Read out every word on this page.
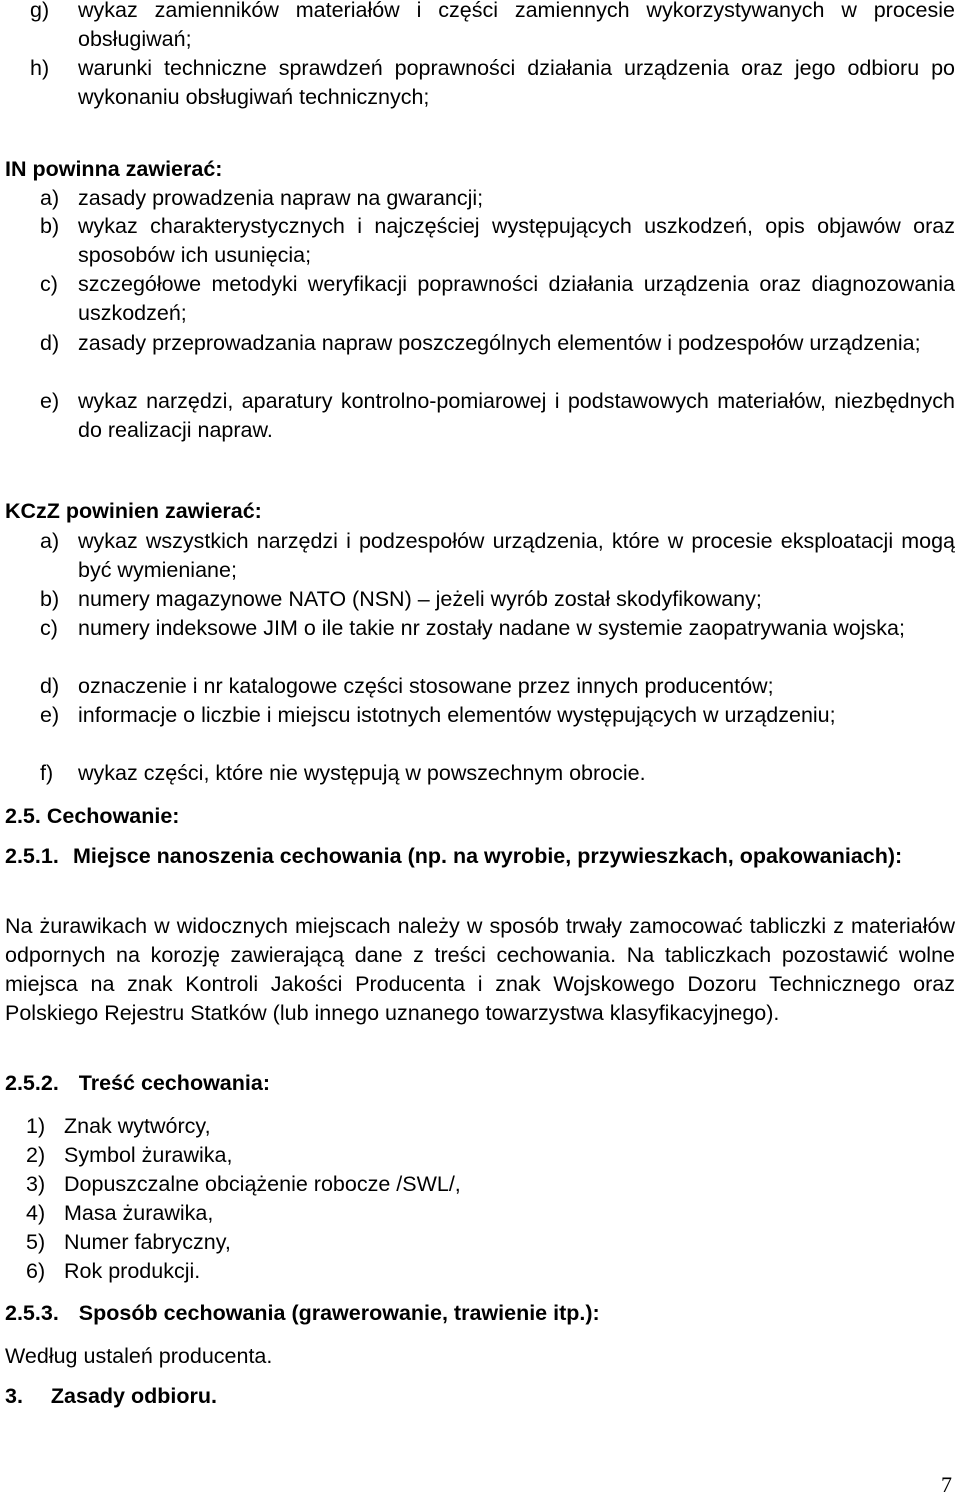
g) wykaz zamienników materiałów i części zamiennych wykorzystywanych w procesie obsługiwań;
h) warunki techniczne sprawdzeń poprawności działania urządzenia oraz jego odbioru po wykonaniu obsługiwań technicznych;
IN powinna zawierać:
a) zasady prowadzenia napraw na gwarancji;
b) wykaz charakterystycznych i najczęściej występujących uszkodzeń, opis objawów oraz sposobów ich usunięcia;
c) szczegółowe metodyki weryfikacji poprawności działania urządzenia oraz diagnozowania uszkodzeń;
d) zasady przeprowadzania napraw poszczególnych elementów i podzespołów urządzenia;
e) wykaz narzędzi, aparatury kontrolno-pomiarowej i podstawowych materiałów, niezbędnych do realizacji napraw.
KCzZ powinien zawierać:
a) wykaz wszystkich narzędzi i podzespołów urządzenia, które w procesie eksploatacji mogą być wymieniane;
b) numery magazynowe NATO (NSN) – jeżeli wyrób został skodyfikowany;
c) numery indeksowe JIM o ile takie nr zostały nadane w systemie zaopatrywania wojska;
d) oznaczenie i nr katalogowe części stosowane przez innych producentów;
e) informacje o liczbie i miejscu istotnych elementów występujących w urządzeniu;
f) wykaz części, które nie występują w powszechnym obrocie.
2.5. Cechowanie:
2.5.1. Miejsce nanoszenia cechowania (np. na wyrobie, przywieszkach, opakowaniach):
Na żurawikach w widocznych miejscach należy w sposób trwały zamocować tabliczki z materiałów odpornych na korozję zawierającą dane z treści cechowania. Na tabliczkach pozostawić wolne miejsca na znak Kontroli Jakości Producenta i znak Wojskowego Dozoru Technicznego oraz Polskiego Rejestru Statków (lub innego uznanego towarzystwa klasyfikacyjnego).
2.5.2. Treść cechowania:
1) Znak wytwórcy,
2) Symbol żurawika,
3) Dopuszczalne obciążenie robocze /SWL/,
4) Masa żurawika,
5) Numer fabryczny,
6) Rok produkcji.
2.5.3. Sposób cechowania (grawerowanie, trawienie itp.):
Według ustaleń producenta.
3. Zasady odbioru.
7
